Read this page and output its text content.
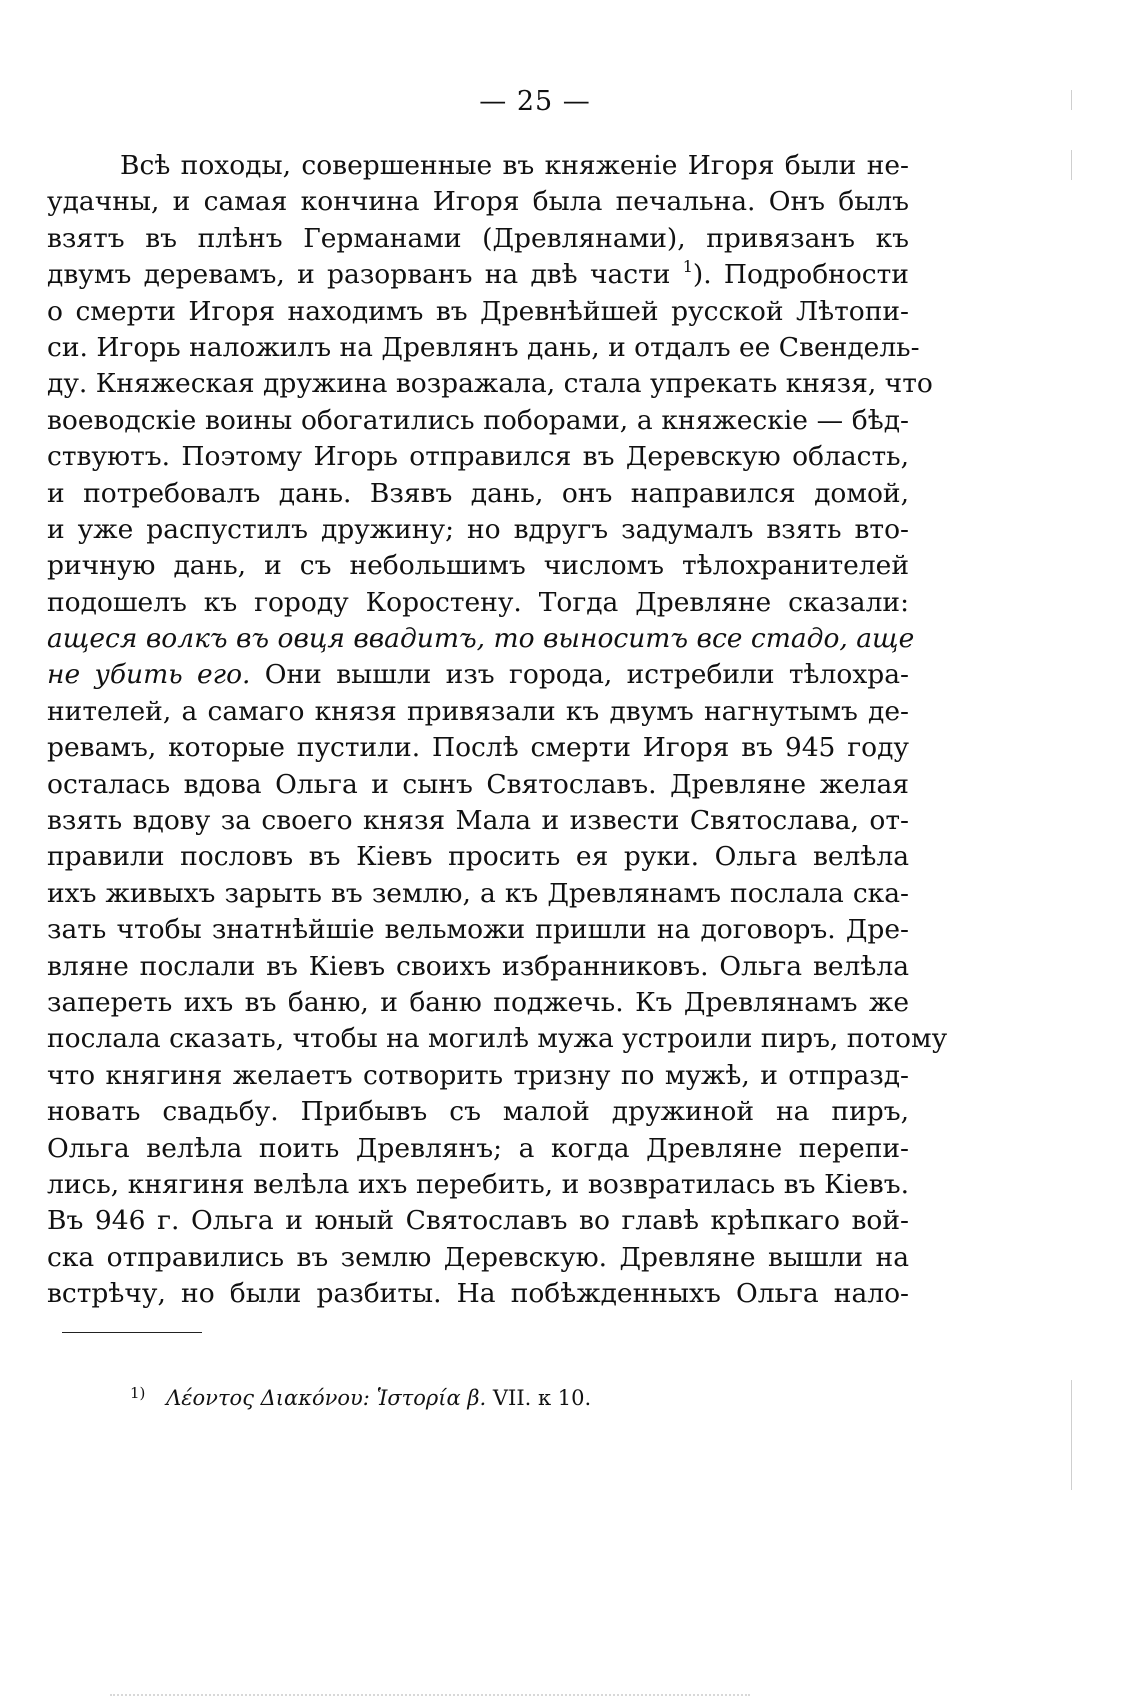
— 25 —
Всѣ походы, совершенные въ княженіе Игоря были не-
удачны, и самая кончина Игоря была печальна. Онъ былъ
взятъ въ плѣнъ Германами (Древлянами), привязанъ къ
двумъ деревамъ, и разорванъ на двѣ части $^1$). Подробности
о смерти Игоря находимъ въ Древнѣйшей русской Лѣтопи-
си. Игорь наложилъ на Древлянъ дань, и отдалъ ее Свендель-
ду. Княжеская дружина возражала, стала упрекать князя, что
воеводскіе воины обогатились поборами, а княжескіе — бѣд-
ствуютъ. Поэтому Игорь отправился въ Деревскую область,
и потребовалъ дань. Взявъ дань, онъ направился домой,
и уже распустилъ дружину; но вдругъ задумалъ взять вто-
ричную дань, и съ небольшимъ числомъ тѣлохранителей
подошелъ къ городу Коростену. Тогда Древляне сказали:
ащеся волкъ въ овця ввадитъ, то выноситъ все стадо, аще
не убить его. Они вышли изъ города, истребили тѣлохра-
нителей, а самаго князя привязали къ двумъ нагнутымъ де-
ревамъ, которые пустили. Послѣ смерти Игоря въ 945 году
осталась вдова Ольга и сынъ Святославъ. Древляне желая
взять вдову за своего князя Мала и извести Святослава, от-
правили пословъ въ Кіевъ просить ея руки. Ольга велѣла
ихъ живыхъ зарыть въ землю, а къ Древлянамъ послала ска-
зать чтобы знатнѣйшіе вельможи пришли на договоръ. Дре-
вляне послали въ Кіевъ своихъ избранниковъ. Ольга велѣла
запереть ихъ въ баню, и баню поджечь. Къ Древлянамъ же
послала сказать, чтобы на могилѣ мужа устроили пиръ, потому
что княгиня желаетъ сотворить тризну по мужѣ, и отпразд-
новать свадьбу. Прибывъ съ малой дружиной на пиръ,
Ольга велѣла поить Древлянъ; а когда Древляне перепи-
лись, княгиня велѣла ихъ перебить, и возвратилась въ Кіевъ.
Въ 946 г. Ольга и юный Святославъ во главѣ крѣпкаго вой-
ска отправились въ землю Деревскую. Древляне вышли на
встрѣчу, но были разбиты. На побѣжденныхъ Ольга нало-
$^{1)}$ Λέοντος Διακόνου: Ἱστορία β. VII. κ 10.
